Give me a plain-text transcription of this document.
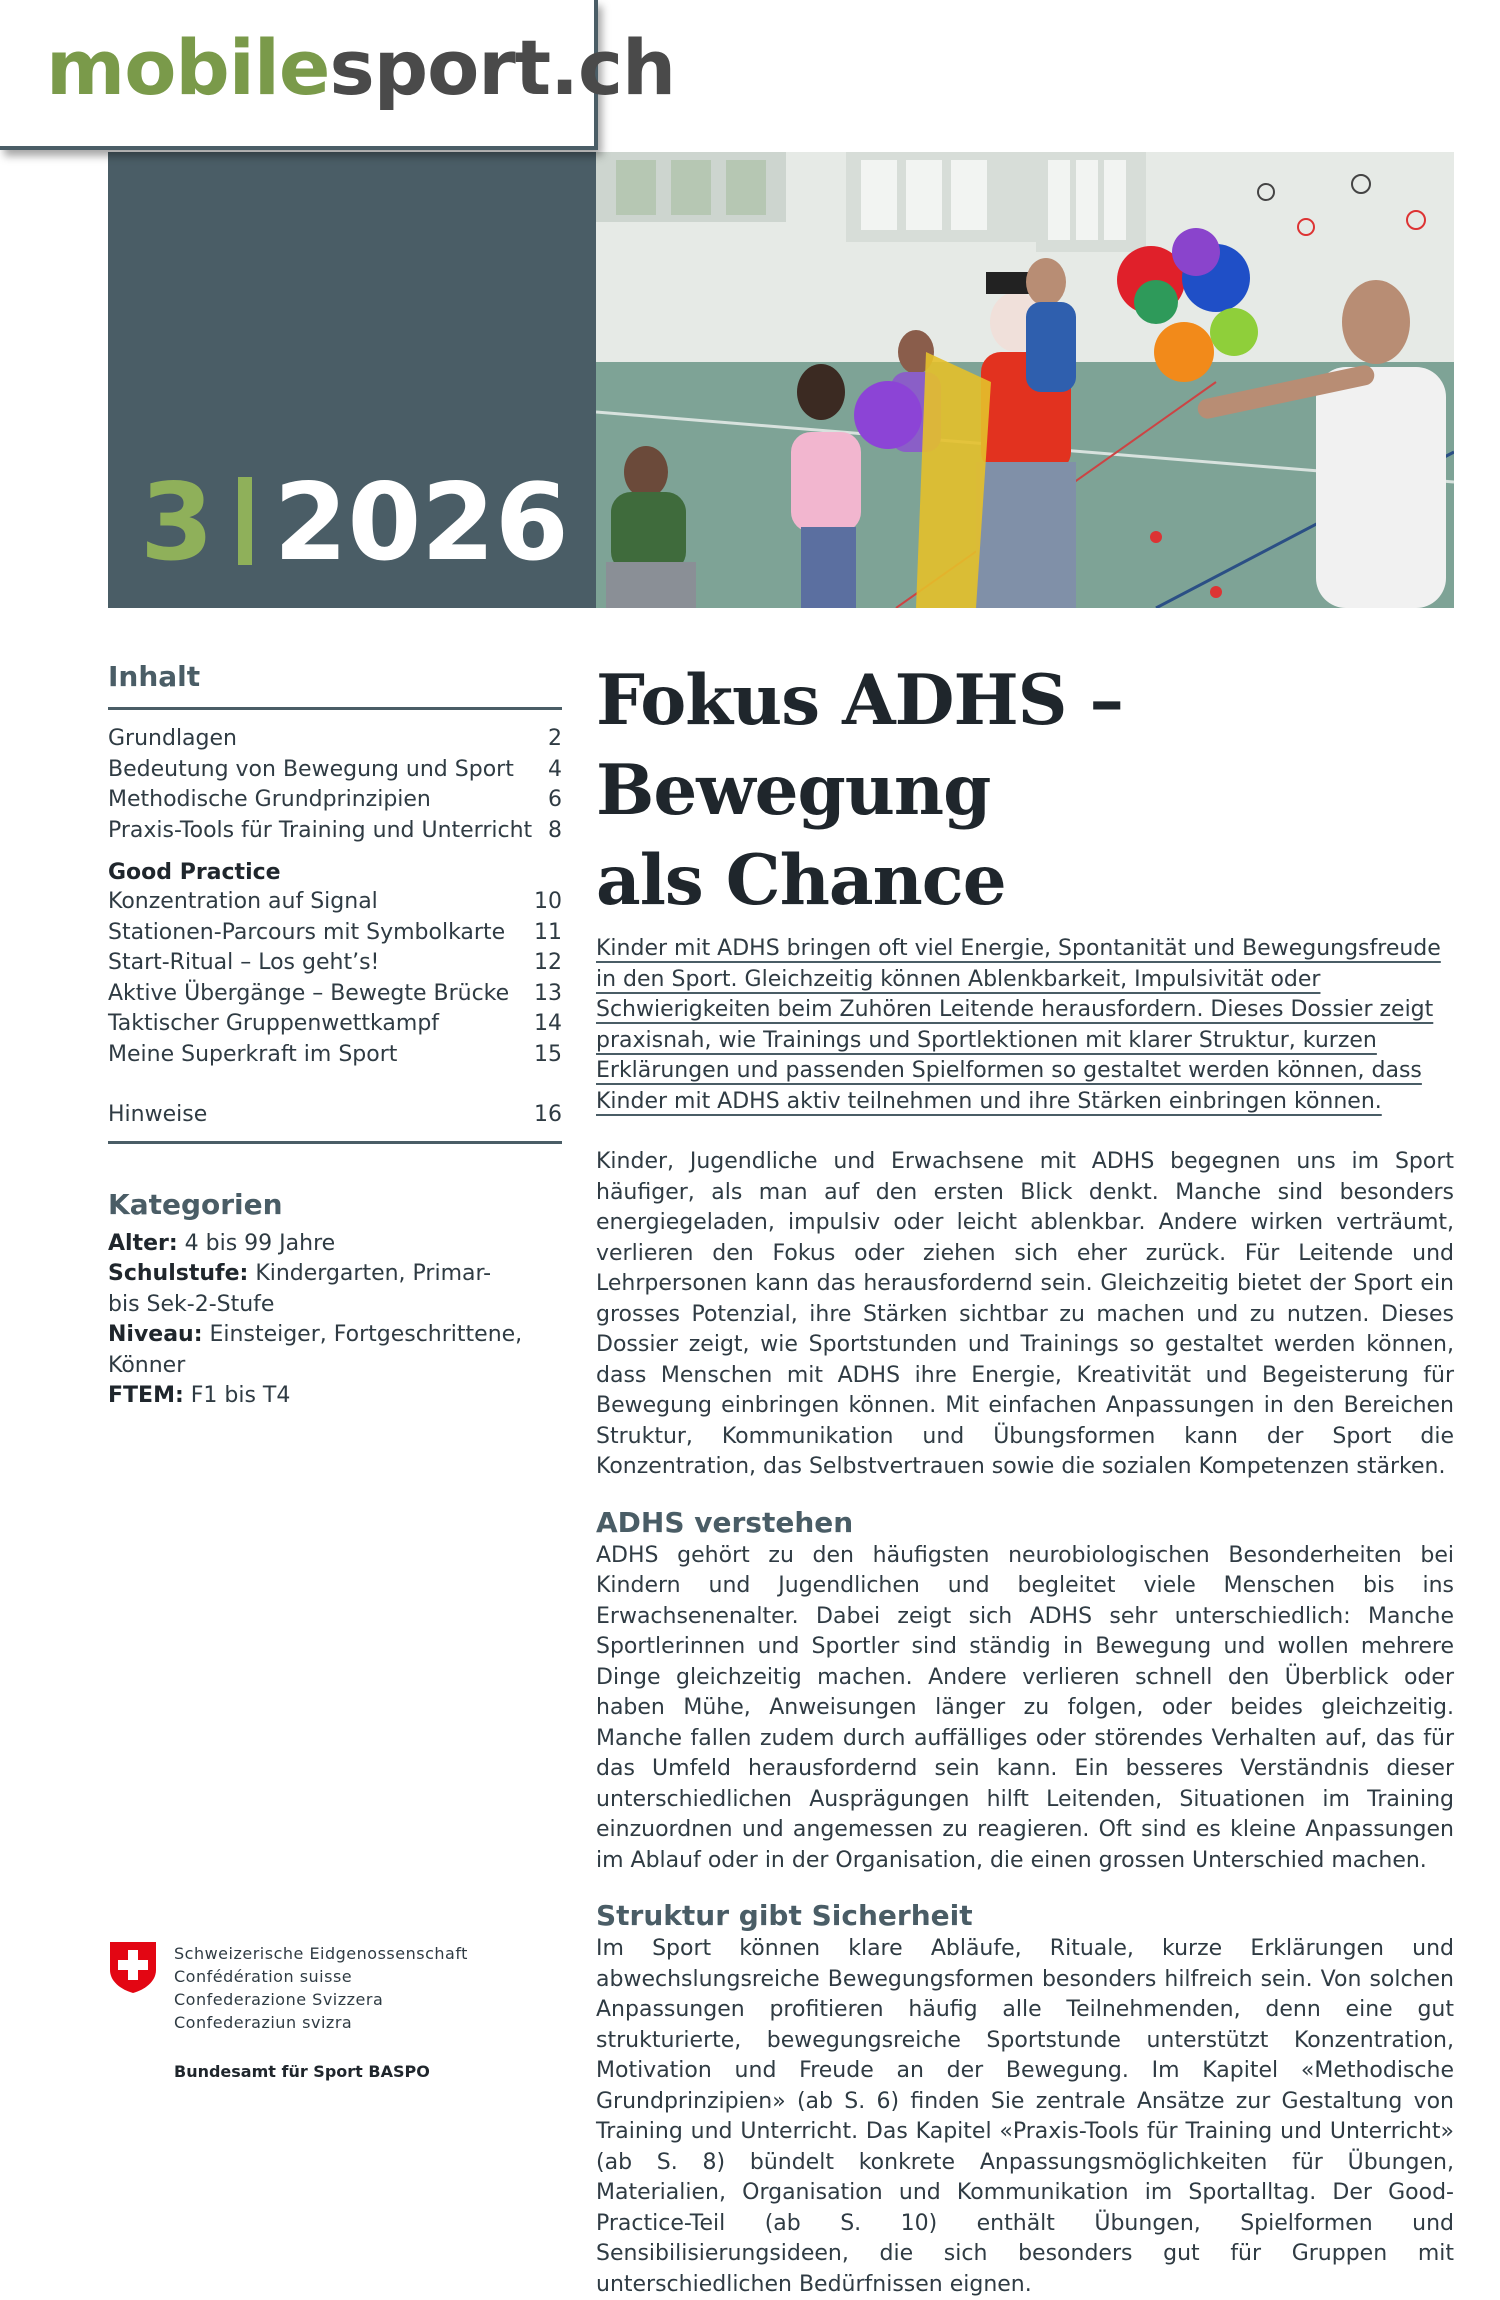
mobilesport.ch
3 2026
Inhalt
Grundlagen	2
Bedeutung von Bewegung und Sport 4
Methodische Grundprinzipien	6
Praxis-Tools für Training und Unterricht 8
Good Practice
Konzentration auf Signal	10
Stationen-Parcours mit Symbolkarte 11
Start-Ritual – Los geht’s!	12
Aktive Übergänge – Bewegte Brücke 13
Taktischer Gruppenwettkampf	14
Meine Superkraft im Sport	15
Hinweise	16
Kategorien
Alter: 4 bis 99 Jahre
Schulstufe: Kindergarten, Primar-
bis Sek-2-Stufe
Niveau: Einsteiger, Fortgeschrittene,
Könner
FTEM: F1 bis T4
Fokus ADHS – Bewegung
als Chance
Kinder mit ADHS bringen oft viel Energie, Spontanität und Bewegungsfreude in den Sport. Gleichzeitig können Ablenkbarkeit, Impulsivität oder Schwierigkeiten beim Zuhören Leitende herausfordern. Dieses Dossier zeigt praxisnah, wie Trainings und Sportlektionen mit klarer Struktur, kurzen Erklärungen und passenden Spielformen so gestaltet werden können, dass Kinder mit ADHS aktiv teilnehmen und ihre Stärken einbringen können.

Kinder, Jugendliche und Erwachsene mit ADHS begegnen uns im Sport häufiger, als man auf den ersten Blick denkt. Manche sind besonders energiegeladen, impulsiv oder leicht ablenkbar. Andere wirken verträumt, verlieren den Fokus oder ziehen sich eher zurück. Für Leitende und Lehrpersonen kann das herausfordernd sein. Gleichzeitig bietet der Sport ein grosses Potenzial, ihre Stärken sichtbar zu machen und zu nutzen. Dieses Dossier zeigt, wie Sportstunden und Trainings so gestaltet werden können, dass Menschen mit ADHS ihre Energie, Kreativität und Begeisterung für Bewegung einbringen können. Mit einfachen Anpassungen in den Bereichen Struktur, Kommunikation und Übungsformen kann der Sport die Konzentration, das Selbstvertrauen sowie die sozialen Kompetenzen stärken.

ADHS verstehen

ADHS gehört zu den häufigsten neurobiologischen Besonderheiten bei Kindern und Jugendlichen und begleitet viele Menschen bis ins Erwachsenenalter. Dabei zeigt sich ADHS sehr unterschiedlich: Manche Sportlerinnen und Sportler sind ständig in Bewegung und wollen mehrere Dinge gleichzeitig machen. Andere verlieren schnell den Überblick oder haben Mühe, Anweisungen länger zu folgen, oder beides gleichzeitig. Manche fallen zudem durch auffälliges oder störendes Verhalten auf, das für das Umfeld herausfordernd sein kann. Ein besseres Verständnis dieser unterschiedlichen Ausprägungen hilft Leitenden, Situationen im Training einzuordnen und angemessen zu reagieren. Oft sind es kleine Anpassungen im Ablauf oder in der Organisation, die einen grossen Unterschied machen.

Struktur gibt Sicherheit

Im Sport können klare Abläufe, Rituale, kurze Erklärungen und abwechslungsreiche Bewegungsformen besonders hilfreich sein. Von solchen Anpassungen profitieren häufig alle Teilnehmenden, denn eine gut strukturierte, bewegungsreiche Sportstunde unterstützt Konzentration, Motivation und Freude an der Bewegung. Im Kapitel «Methodische Grundprinzipien» (ab S. 6) finden Sie zentrale Ansätze zur Gestaltung von Training und Unterricht. Das Kapitel «Praxis-Tools für Training und Unterricht» (ab S. 8) bündelt konkrete Anpassungsmöglichkeiten für Übungen, Materialien, Organisation und Kommunikation im Sportalltag. Der Good-Practice-Teil (ab S. 10) enthält Übungen, Spielformen und Sensibilisierungsideen, die sich besonders gut für Gruppen mit unterschiedlichen Bedürfnissen eignen.

Schweizerische Eidgenossenschaft
Confédération suisse
Confederazione Svizzera
Confederaziun svizra
Bundesamt für Sport BASPO
